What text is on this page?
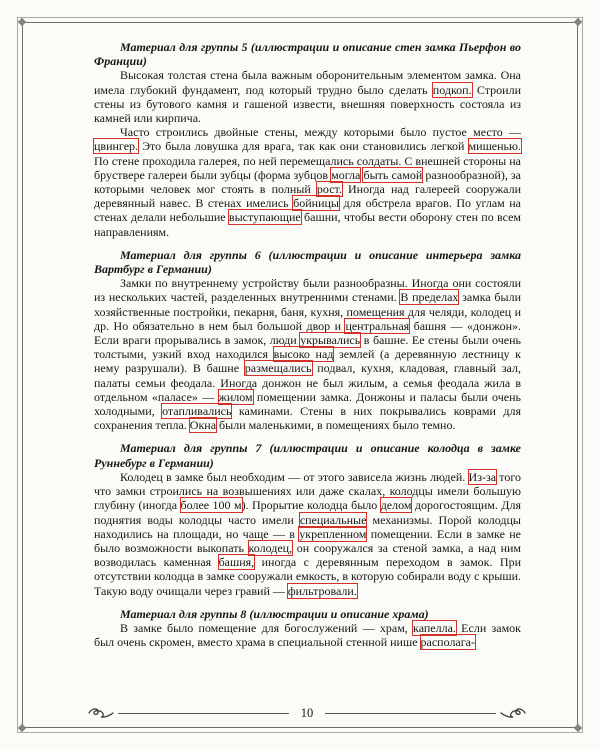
Материал для группы 5 (иллюстрации и описание стен замка Пьерфон во Франции)

Высокая толстая стена была важным оборонительным элементом замка. Она имела глубокий фундамент, под который трудно было сделать подкоп. Строили стены из бутового камня и гашеной извести, внешняя поверхность состояла из камней или кирпича.

Часто строились двойные стены, между которыми было пустое место — цвингер. Это была ловушка для врага, так как они становились легкой мишенью. По стене проходила галерея, по ней перемещались солдаты. С внешней стороны на бруствере галереи были зубцы (форма зубцов могла быть самой разнообразной), за которыми человек мог стоять в полный рост. Иногда над галереей сооружали деревянный навес. В стенах имелись бойницы для обстрела врагов. По углам на стенах делали небольшие выступающие башни, чтобы вести оборону стен по всем направлениям.

Материал для группы 6 (иллюстрации и описание интерьера замка Вартбург в Германии)

Замки по внутреннему устройству были разнообразны. Иногда они состояли из нескольких частей, разделенных внутренними стенами. В пределах замка были хозяйственные постройки, пекарня, баня, кухня, помещения для челяди, колодец и др. Но обязательно в нем был большой двор и центральная башня — «донжон». Если враги прорывались в замок, люди укрывались в башне. Ее стены были очень толстыми, узкий вход находился высоко над землей (а деревянную лестницу к нему разрушали). В башне размещались подвал, кухня, кладовая, главный зал, палаты семьи феодала. Иногда донжон не был жилым, а семья феодала жила в отдельном «паласе» — жилом помещении замка. Донжоны и паласы были очень холодными, отапливались каминами. Стены в них покрывались коврами для сохранения тепла. Окна были маленькими, в помещениях было темно.

Материал для группы 7 (иллюстрации и описание колодца в замке Руннебург в Германии)

Колодец в замке был необходим — от этого зависела жизнь людей. Из-за того что замки строились на возвышениях или даже скалах, колодцы имели большую глубину (иногда более 100 м). Прорытие колодца было делом дорогостоящим. Для поднятия воды колодцы часто имели специальные механизмы. Порой колодцы находились на площади, но чаще — в укрепленном помещении. Если в замке не было возможности выкопать колодец, он сооружался за стеной замка, а над ним возводилась каменная башня, иногда с деревянным переходом в замок. При отсутствии колодца в замке сооружали емкость, в которую собирали воду с крыши. Такую воду очищали через гравий — фильтровали.

Материал для группы 8 (иллюстрации и описание храма)

В замке было помещение для богослужений — храм, капелла. Если замок был очень скромен, вместо храма в специальной стенной нише располага-

10
